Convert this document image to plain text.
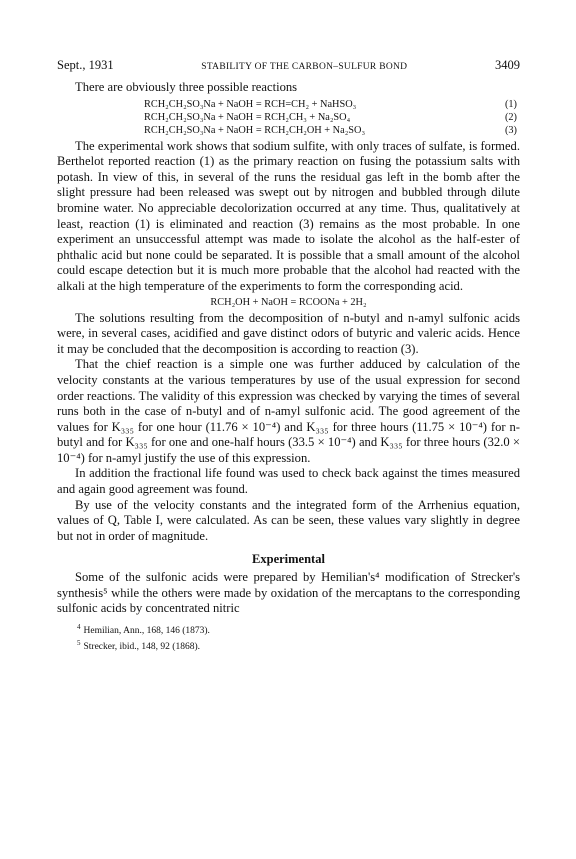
Sept., 1931	STABILITY OF THE CARBON–SULFUR BOND	3409

There are obviously three possible reactions

RCH₂CH₂SO₃Na + NaOH = RCH=CH₂ + NaHSO₃	(1)
RCH₂CH₂SO₃Na + NaOH = RCH₂CH₃ + Na₂SO₄	(2)
RCH₂CH₂SO₃Na + NaOH = RCH₂CH₂OH + Na₂SO₃	(3)

The experimental work shows that sodium sulfite, with only traces of sulfate, is formed. Berthelot reported reaction (1) as the primary reaction on fusing the potassium salts with potash. In view of this, in several of the runs the residual gas left in the bomb after the slight pressure had been released was swept out by nitrogen and bubbled through dilute bromine water. No appreciable decolorization occurred at any time. Thus, qualitatively at least, reaction (1) is eliminated and reaction (3) remains as the most probable. In one experiment an unsuccessful attempt was made to isolate the alcohol as the half-ester of phthalic acid but none could be separated. It is possible that a small amount of the alcohol could escape detection but it is much more probable that the alcohol had reacted with the alkali at the high temperature of the experiments to form the corresponding acid.

RCH₂OH + NaOH = RCOONa + 2H₂

The solutions resulting from the decomposition of n-butyl and n-amyl sulfonic acids were, in several cases, acidified and gave distinct odors of butyric and valeric acids. Hence it may be concluded that the decomposition is according to reaction (3).

That the chief reaction is a simple one was further adduced by calculation of the velocity constants at the various temperatures by use of the usual expression for second order reactions. The validity of this expression was checked by varying the times of several runs both in the case of n-butyl and of n-amyl sulfonic acid. The good agreement of the values for K₃₃₅ for one hour (11.76 × 10⁻⁴) and K₃₃₅ for three hours (11.75 × 10⁻⁴) for n-butyl and for K₃₃₅ for one and one-half hours (33.5 × 10⁻⁴) and K₃₃₅ for three hours (32.0 × 10⁻⁴) for n-amyl justify the use of this expression.

In addition the fractional life found was used to check back against the times measured and again good agreement was found.

By use of the velocity constants and the integrated form of the Arrhenius equation, values of Q, Table I, were calculated. As can be seen, these values vary slightly in degree but not in order of magnitude.

Experimental

Some of the sulfonic acids were prepared by Hemilian's⁴ modification of Strecker's synthesis⁵ while the others were made by oxidation of the mercaptans to the corresponding sulfonic acids by concentrated nitric

$^4$ Hemilian, Ann., 168, 146 (1873).
$^5$ Strecker, ibid., 148, 92 (1868).
